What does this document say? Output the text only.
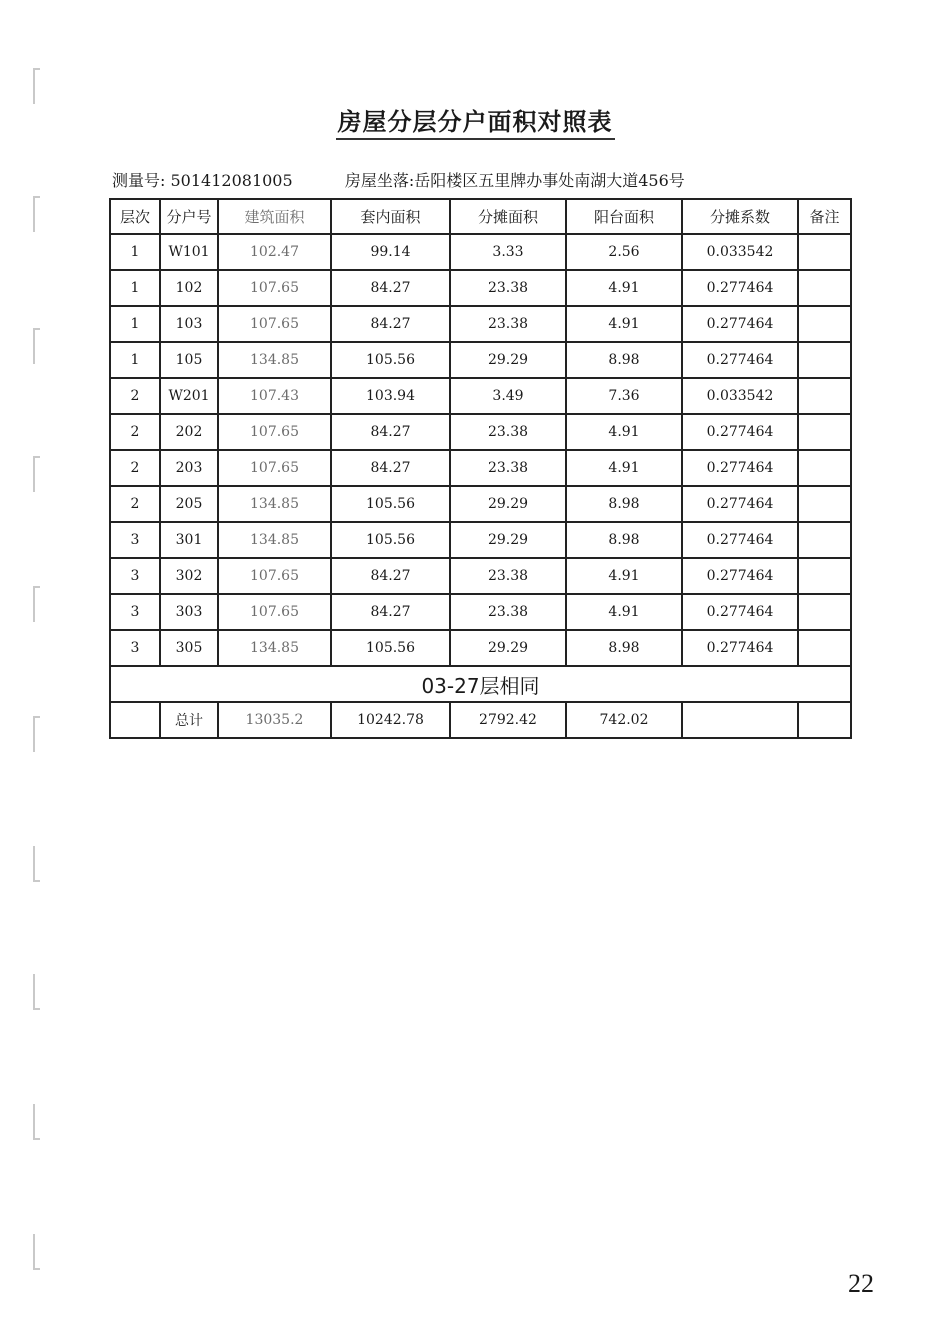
房屋分层分户面积对照表
测量号: 501412081005	房屋坐落:岳阳楼区五里牌办事处南湖大道456号
层次	分户号	建筑面积	套内面积	分摊面积	阳台面积	分摊系数	备注
1	W101	102.47	99.14	3.33	2.56	0.033542	
1	102	107.65	84.27	23.38	4.91	0.277464	
1	103	107.65	84.27	23.38	4.91	0.277464	
1	105	134.85	105.56	29.29	8.98	0.277464	
2	W201	107.43	103.94	3.49	7.36	0.033542	
2	202	107.65	84.27	23.38	4.91	0.277464	
2	203	107.65	84.27	23.38	4.91	0.277464	
2	205	134.85	105.56	29.29	8.98	0.277464	
3	301	134.85	105.56	29.29	8.98	0.277464	
3	302	107.65	84.27	23.38	4.91	0.277464	
3	303	107.65	84.27	23.38	4.91	0.277464	
3	305	134.85	105.56	29.29	8.98	0.277464	
03-27层相同							
	总计	13035.2	10242.78	2792.42	742.02		
22
